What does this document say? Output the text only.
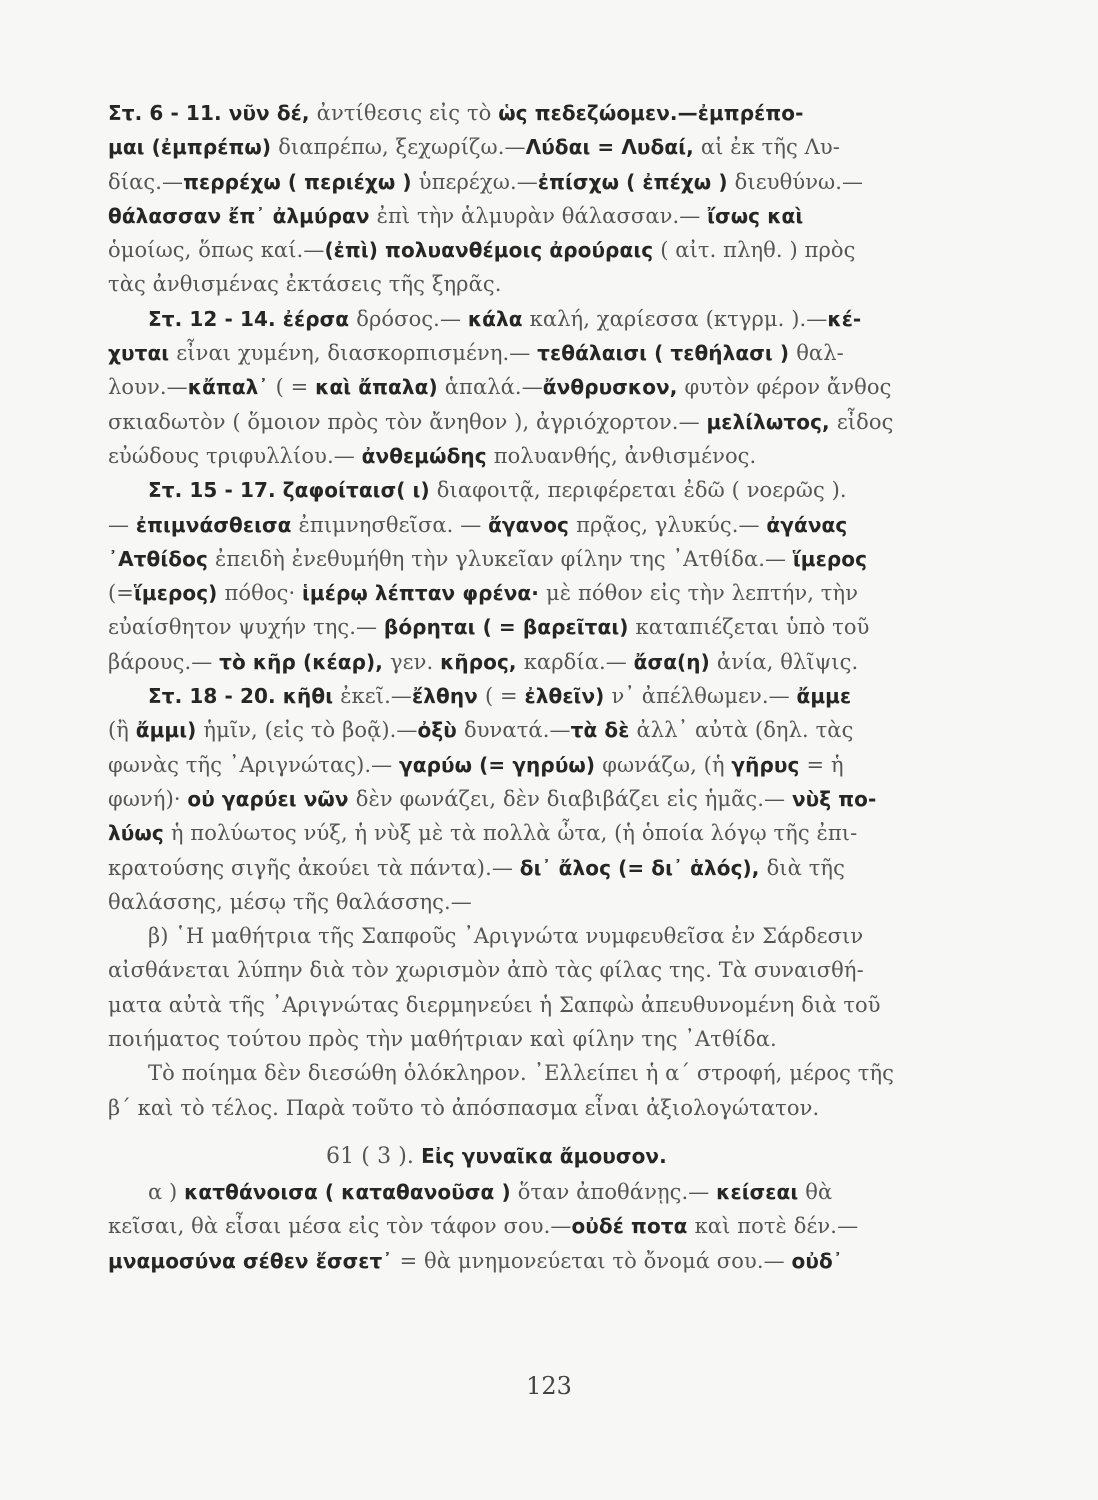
Στ. 6 - 11. νῦν δέ, ἀντίθεσις εἰς τὸ ὡς πεδεζώομεν.—ἐμπρέπο-
μαι (ἐμπρέπω) διαπρέπω, ξεχωρίζω.—Λύδαι = Λυδαί, αἱ ἐκ τῆς Λυ-
δίας.—περρέχω ( περιέχω ) ὑπερέχω.—ἐπίσχω ( ἐπέχω ) διευθύνω.—
θάλασσαν ἔπ᾽ ἀλμύραν ἐπὶ τὴν ἁλμυρὰν θάλασσαν.— ἴσως καὶ
ὁμοίως, ὅπως καί.—(ἐπὶ) πολυανθέμοις ἀρούραις ( αἰτ. πληθ. ) πρὸς
τὰς ἀνθισμένας ἐκτάσεις τῆς ξηρᾶς.
Στ. 12 - 14. ἐέρσα δρόσος.— κάλα καλή, χαρίεσσα (κτγρμ. ).—κέ-
χυται εἶναι χυμένη, διασκορπισμένη.— τεθάλαισι ( τεθήλασι ) θαλ-
λουν.—κἄπαλ᾽ ( = καὶ ἄπαλα) ἁπαλά.—ἄνθρυσκον, φυτὸν φέρον ἄνθος
σκιαδωτὸν ( ὅμοιον πρὸς τὸν ἄνηθον ), ἀγριόχορτον.— μελίλωτος, εἶδος
εὐώδους τριφυλλίου.— ἀνθεμώδης πολυανθής, ἀνθισμένος.
Στ. 15 - 17. ζαφοίταισ( ι) διαφοιτᾷ, περιφέρεται ἐδῶ ( νοερῶς ).
— ἐπιμνάσθεισα ἐπιμνησθεῖσα. — ἄγανος πρᾷος, γλυκύς.— ἀγάνας
᾽Ατθίδος ἐπειδὴ ἐνεθυμήθη τὴν γλυκεῖαν φίλην της ᾽Ατθίδα.— ἵμερος
(=ἵμερος) πόθος· ἱμέρῳ λέπταν φρένα· μὲ πόθον εἰς τὴν λεπτήν, τὴν
εὐαίσθητον ψυχήν της.— βόρηται ( = βαρεῖται) καταπιέζεται ὑπὸ τοῦ
βάρους.— τὸ κῆρ (κέαρ), γεν. κῆρος, καρδία.— ἄσα(η) ἀνία, θλῖψις.
Στ. 18 - 20. κῆθι ἐκεῖ.—ἔλθην ( = ἐλθεῖν) ν᾽ ἀπέλθωμεν.— ἄμμε
(ἢ ἄμμι) ἡμῖν, (εἰς τὸ βοᾷ).—ὀξὺ δυνατά.—τὰ δὲ ἀλλ᾽ αὐτὰ (δηλ. τὰς
φωνὰς τῆς ᾽Αριγνώτας).— γαρύω (= γηρύω) φωνάζω, (ἡ γῆρυς = ἡ
φωνή)· οὐ γαρύει νῶν δὲν φωνάζει, δὲν διαβιβάζει εἰς ἡμᾶς.— νὺξ πο-
λύως ἡ πολύωτος νύξ, ἡ νὺξ μὲ τὰ πολλὰ ὦτα, (ἡ ὁποία λόγῳ τῆς ἐπι-
κρατούσης σιγῆς ἀκούει τὰ πάντα).— δι᾽ ἄλος (= δι᾽ ἁλός), διὰ τῆς
θαλάσσης, μέσῳ τῆς θαλάσσης.—
β) ῾Η μαθήτρια τῆς Σαπφοῦς ᾽Αριγνώτα νυμφευθεῖσα ἐν Σάρδεσιν
αἰσθάνεται λύπην διὰ τὸν χωρισμὸν ἀπὸ τὰς φίλας της. Τὰ συναισθή-
ματα αὐτὰ τῆς ᾽Αριγνώτας διερμηνεύει ἡ Σαπφὼ ἀπευθυνομένη διὰ τοῦ
ποιήματος τούτου πρὸς τὴν μαθήτριαν καὶ φίλην της ᾽Ατθίδα.
Τὸ ποίημα δὲν διεσώθη ὁλόκληρον. ᾽Ελλείπει ἡ α΄ στροφή, μέρος τῆς
β΄ καὶ τὸ τέλος. Παρὰ τοῦτο τὸ ἀπόσπασμα εἶναι ἀξιολογώτατον.
61 ( 3 ). Εἰς γυναῖκα ἄμουσον.
α ) κατθάνοισα ( καταθανοῦσα ) ὅταν ἀποθάνῃς.— κείσεαι θὰ
κεῖσαι, θὰ εἶσαι μέσα εἰς τὸν τάφον σου.—οὐδέ ποτα καὶ ποτὲ δέν.—
μναμοσύνα σέθεν ἔσσετ᾽ = θὰ μνημονεύεται τὸ ὄνομά σου.— οὐδ᾽
123
